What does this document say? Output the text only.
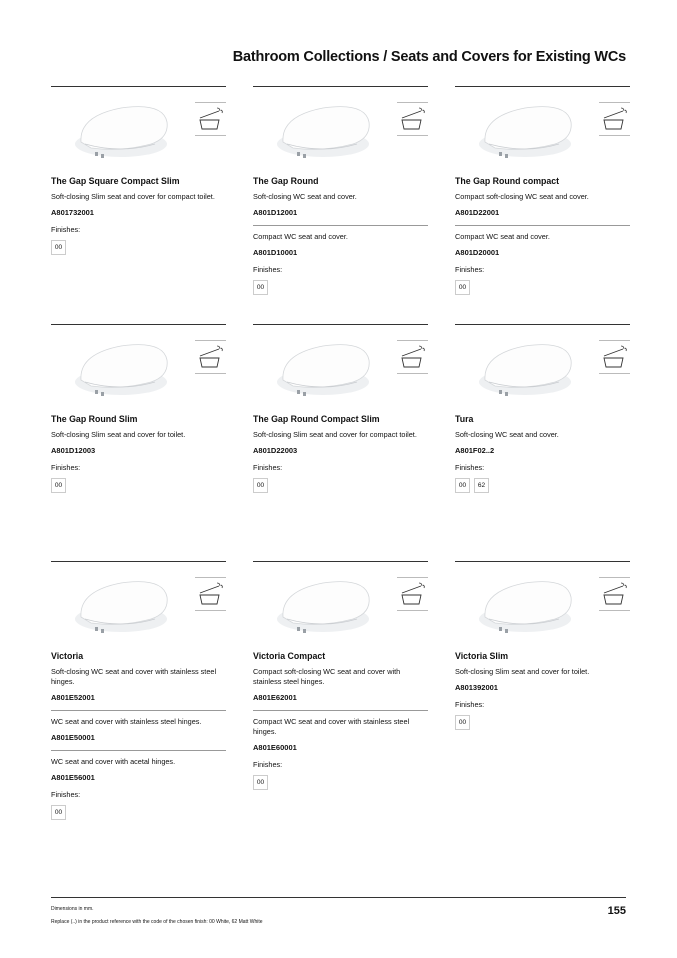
Bathroom Collections / Seats and Covers for Existing WCs
The Gap Square Compact Slim
Soft-closing Slim seat and cover for compact toilet.
A801732001
Finishes:
00
The Gap Round
Soft-closing WC seat and cover.
A801D12001
Compact WC seat and cover.
A801D10001
Finishes:
00
The Gap Round compact
Compact soft-closing WC seat and cover.
A801D22001
Compact WC seat and cover.
A801D20001
Finishes:
00
The Gap Round Slim
Soft-closing Slim seat and cover for toilet.
A801D12003
Finishes:
00
The Gap Round Compact Slim
Soft-closing Slim seat and cover for compact toilet.
A801D22003
Finishes:
00
Tura
Soft-closing WC seat and cover.
A801F02..2
Finishes:
00	62
Victoria
Soft-closing WC seat and cover with stainless steel hinges.
A801E52001
WC seat and cover with stainless steel hinges.
A801E50001
WC seat and cover with acetal hinges.
A801E56001
Finishes:
00
Victoria Compact
Compact soft-closing WC seat and cover with stainless steel hinges.
A801E62001
Compact WC seat and cover with stainless steel hinges.
A801E60001
Finishes:
00
Victoria Slim
Soft-closing Slim seat and cover for toilet.
A801392001
Finishes:
00
Dimensions in mm.
Replace (..) in the product reference with the code of the chosen finish: 00 White, 62 Matt White
155
